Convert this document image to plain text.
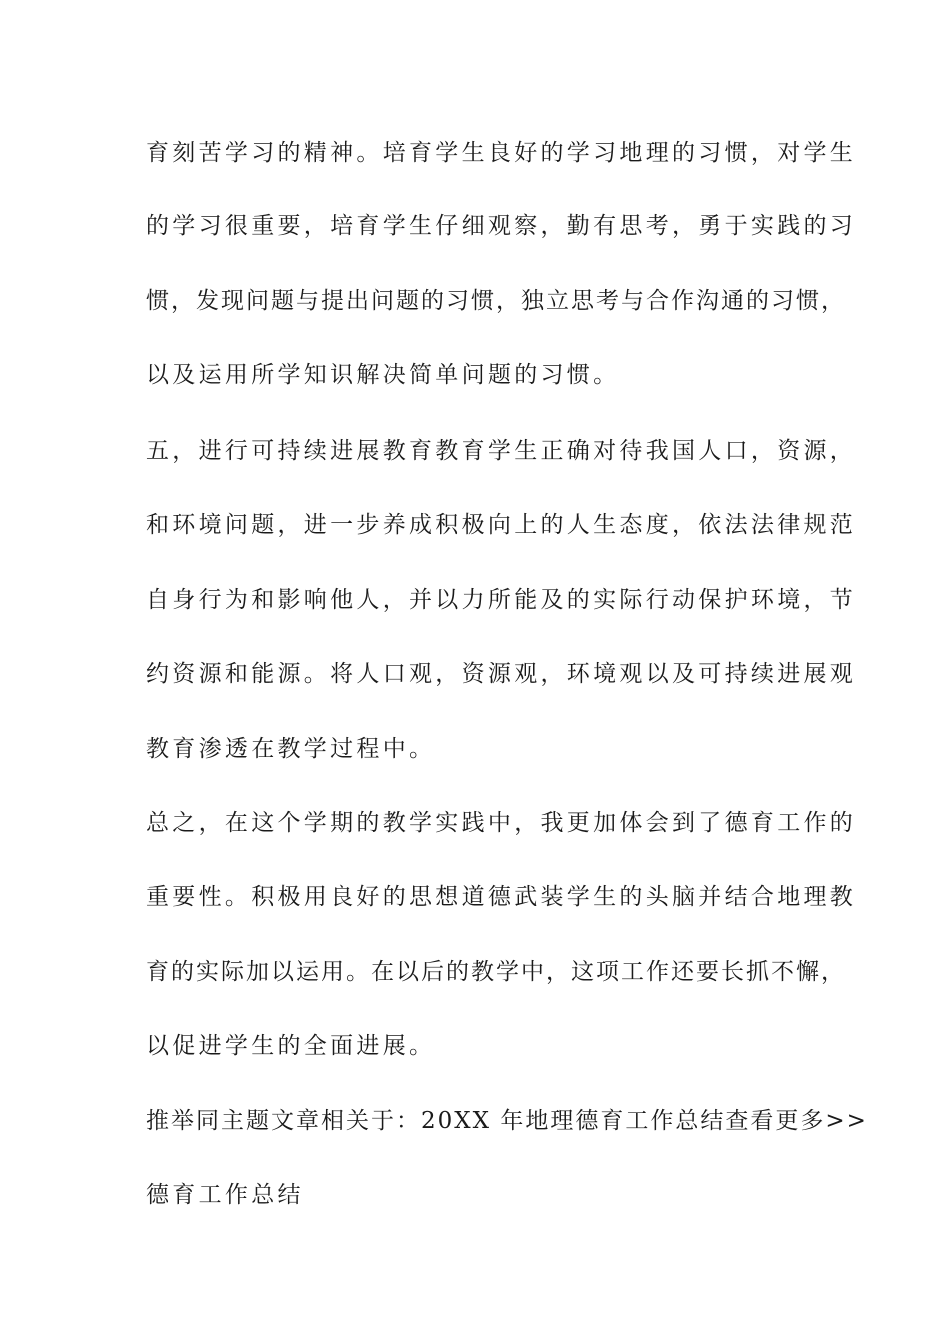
育刻苦学习的精神。培育学生良好的学习地理的习惯，对学生
的学习很重要，培育学生仔细观察，勤有思考，勇于实践的习
惯，发现问题与提出问题的习惯，独立思考与合作沟通的习惯，
以及运用所学知识解决简单问题的习惯。
五，进行可持续进展教育教育学生正确对待我国人口，资源，
和环境问题，进一步养成积极向上的人生态度，依法法律规范
自身行为和影响他人，并以力所能及的实际行动保护环境，节
约资源和能源。将人口观，资源观，环境观以及可持续进展观
教育渗透在教学过程中。
总之，在这个学期的教学实践中，我更加体会到了德育工作的
重要性。积极用良好的思想道德武装学生的头脑并结合地理教
育的实际加以运用。在以后的教学中，这项工作还要长抓不懈，
以促进学生的全面进展。
推举同主题文章相关于：20XX 年地理德育工作总结查看更多>>
德育工作总结
